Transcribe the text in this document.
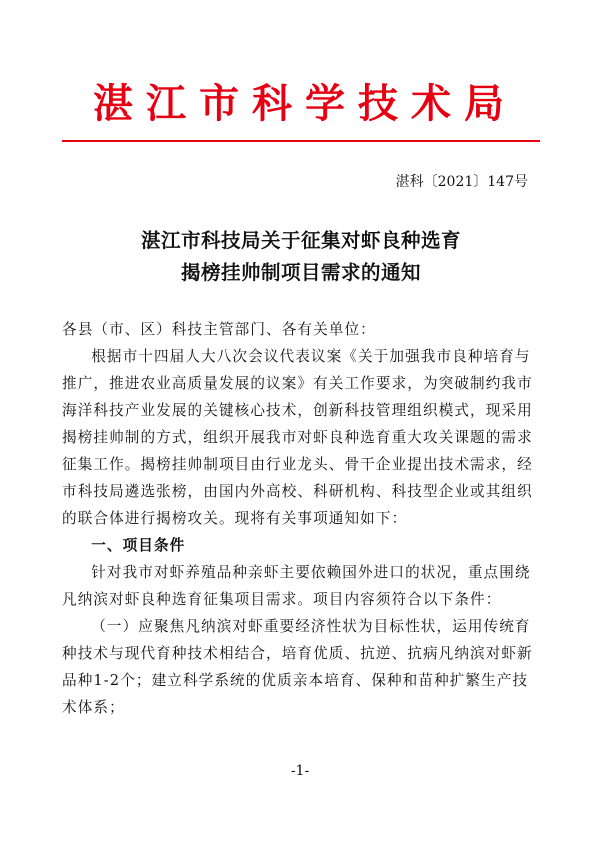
湛江市科学技术局
湛科〔2021〕147号
湛江市科技局关于征集对虾良种选育
揭榜挂帅制项目需求的通知

各县（市、区）科技主管部门、各有关单位：

根据市十四届人大八次会议代表议案《关于加强我市良种培育与推广，推进农业高质量发展的议案》有关工作要求，为突破制约我市海洋科技产业发展的关键核心技术，创新科技管理组织模式，现采用揭榜挂帅制的方式，组织开展我市对虾良种选育重大攻关课题的需求征集工作。揭榜挂帅制项目由行业龙头、骨干企业提出技术需求，经市科技局遴选张榜，由国内外高校、科研机构、科技型企业或其组织的联合体进行揭榜攻关。现将有关事项通知如下：

一、项目条件

针对我市对虾养殖品种亲虾主要依赖国外进口的状况，重点围绕凡纳滨对虾良种选育征集项目需求。项目内容须符合以下条件：

（一）应聚焦凡纳滨对虾重要经济性状为目标性状，运用传统育种技术与现代育种技术相结合，培育优质、抗逆、抗病凡纳滨对虾新品种1-2个；建立科学系统的优质亲本培育、保种和苗种扩繁生产技术体系；

-1-
